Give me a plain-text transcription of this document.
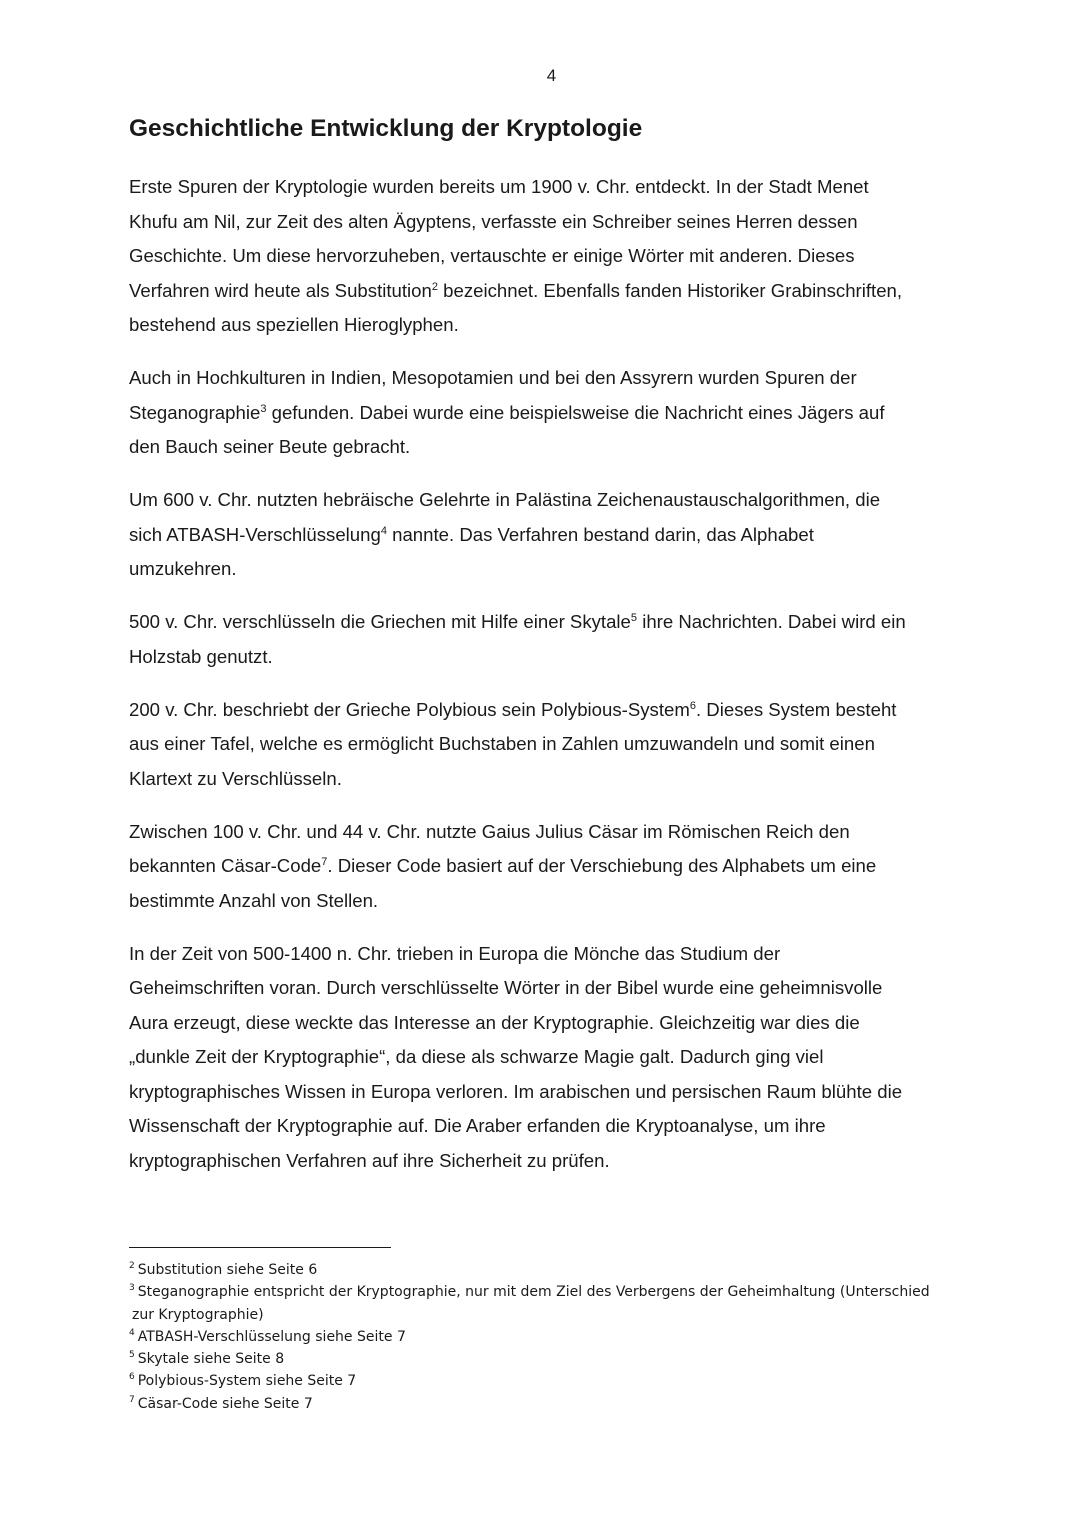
4
Geschichtliche Entwicklung der Kryptologie

Erste Spuren der Kryptologie wurden bereits um 1900 v. Chr. entdeckt. In der Stadt Menet
Khufu am Nil, zur Zeit des alten Ägyptens, verfasste ein Schreiber seines Herren dessen
Geschichte. Um diese hervorzuheben, vertauschte er einige Wörter mit anderen. Dieses
Verfahren wird heute als Substitution$^2$ bezeichnet. Ebenfalls fanden Historiker Grabinschriften,
bestehend aus speziellen Hieroglyphen.

Auch in Hochkulturen in Indien, Mesopotamien und bei den Assyrern wurden Spuren der
Steganographie$^3$ gefunden. Dabei wurde eine beispielsweise die Nachricht eines Jägers auf
den Bauch seiner Beute gebracht.

Um 600 v. Chr. nutzten hebräische Gelehrte in Palästina Zeichenaustauschalgorithmen, die
sich ATBASH-Verschlüsselung$^4$ nannte. Das Verfahren bestand darin, das Alphabet
umzukehren.

500 v. Chr. verschlüsseln die Griechen mit Hilfe einer Skytale$^5$ ihre Nachrichten. Dabei wird ein
Holzstab genutzt.

200 v. Chr. beschriebt der Grieche Polybious sein Polybious-System$^6$. Dieses System besteht
aus einer Tafel, welche es ermöglicht Buchstaben in Zahlen umzuwandeln und somit einen
Klartext zu Verschlüsseln.

Zwischen 100 v. Chr. und 44 v. Chr. nutzte Gaius Julius Cäsar im Römischen Reich den
bekannten Cäsar-Code$^7$. Dieser Code basiert auf der Verschiebung des Alphabets um eine
bestimmte Anzahl von Stellen.

In der Zeit von 500-1400 n. Chr. trieben in Europa die Mönche das Studium der
Geheimschriften voran. Durch verschlüsselte Wörter in der Bibel wurde eine geheimnisvolle
Aura erzeugt, diese weckte das Interesse an der Kryptographie. Gleichzeitig war dies die
„dunkle Zeit der Kryptographie“, da diese als schwarze Magie galt. Dadurch ging viel
kryptographisches Wissen in Europa verloren. Im arabischen und persischen Raum blühte die
Wissenschaft der Kryptographie auf. Die Araber erfanden die Kryptoanalyse, um ihre
kryptographischen Verfahren auf ihre Sicherheit zu prüfen.

$^2$ Substitution siehe Seite 6
$^3$ Steganographie entspricht der Kryptographie, nur mit dem Ziel des Verbergens der Geheimhaltung (Unterschied
zur Kryptographie)
$^4$ ATBASH-Verschlüsselung siehe Seite 7
$^5$ Skytale siehe Seite 8
$^6$ Polybious-System siehe Seite 7
$^7$ Cäsar-Code siehe Seite 7
